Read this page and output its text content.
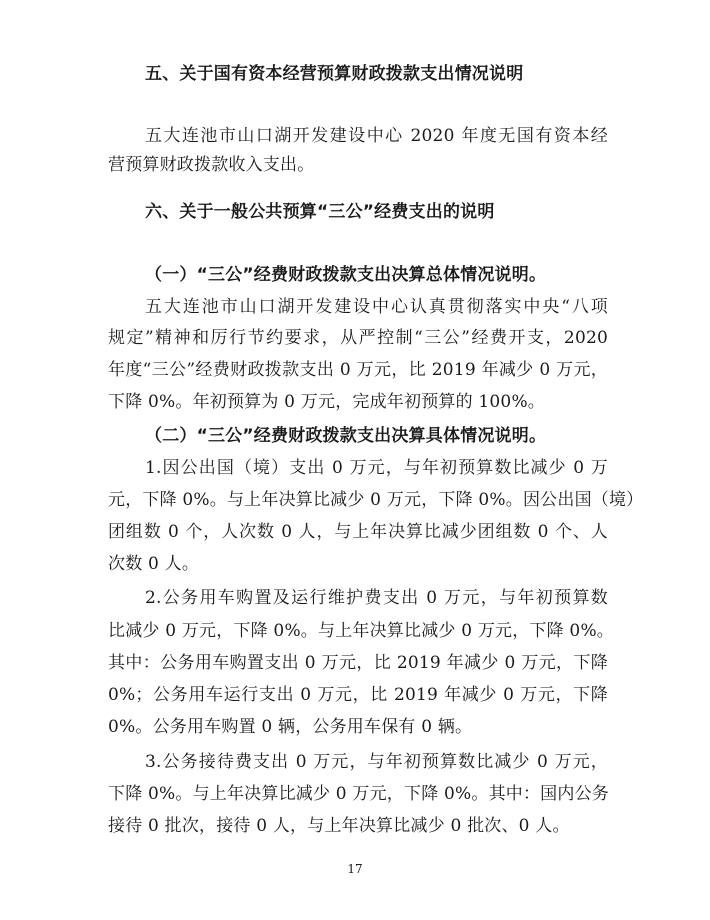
五、关于国有资本经营预算财政拨款支出情况说明
五大连池市山口湖开发建设中心 2020 年度无国有资本经
营预算财政拨款收入支出。
六、关于一般公共预算“三公”经费支出的说明
（一）“三公”经费财政拨款支出决算总体情况说明。
五大连池市山口湖开发建设中心认真贯彻落实中央“八项
规定”精神和厉行节约要求，从严控制“三公”经费开支，2020
年度“三公”经费财政拨款支出 0 万元，比 2019 年减少 0 万元，
下降 0%。年初预算为 0 万元，完成年初预算的 100%。
（二）“三公”经费财政拨款支出决算具体情况说明。
1.因公出国（境）支出 0 万元，与年初预算数比减少 0 万
元，下降 0%。与上年决算比减少 0 万元，下降 0%。因公出国（境）
团组数 0 个，人次数 0 人，与上年决算比减少团组数 0 个、人
次数 0 人。
2.公务用车购置及运行维护费支出 0 万元，与年初预算数
比减少 0 万元，下降 0%。与上年决算比减少 0 万元，下降 0%。
其中：公务用车购置支出 0 万元，比 2019 年减少 0 万元，下降
0%；公务用车运行支出 0 万元，比 2019 年减少 0 万元，下降
0%。公务用车购置 0 辆，公务用车保有 0 辆。
3.公务接待费支出 0 万元，与年初预算数比减少 0 万元，
下降 0%。与上年决算比减少 0 万元，下降 0%。其中：国内公务
接待 0 批次，接待 0 人，与上年决算比减少 0 批次、0 人。
17
